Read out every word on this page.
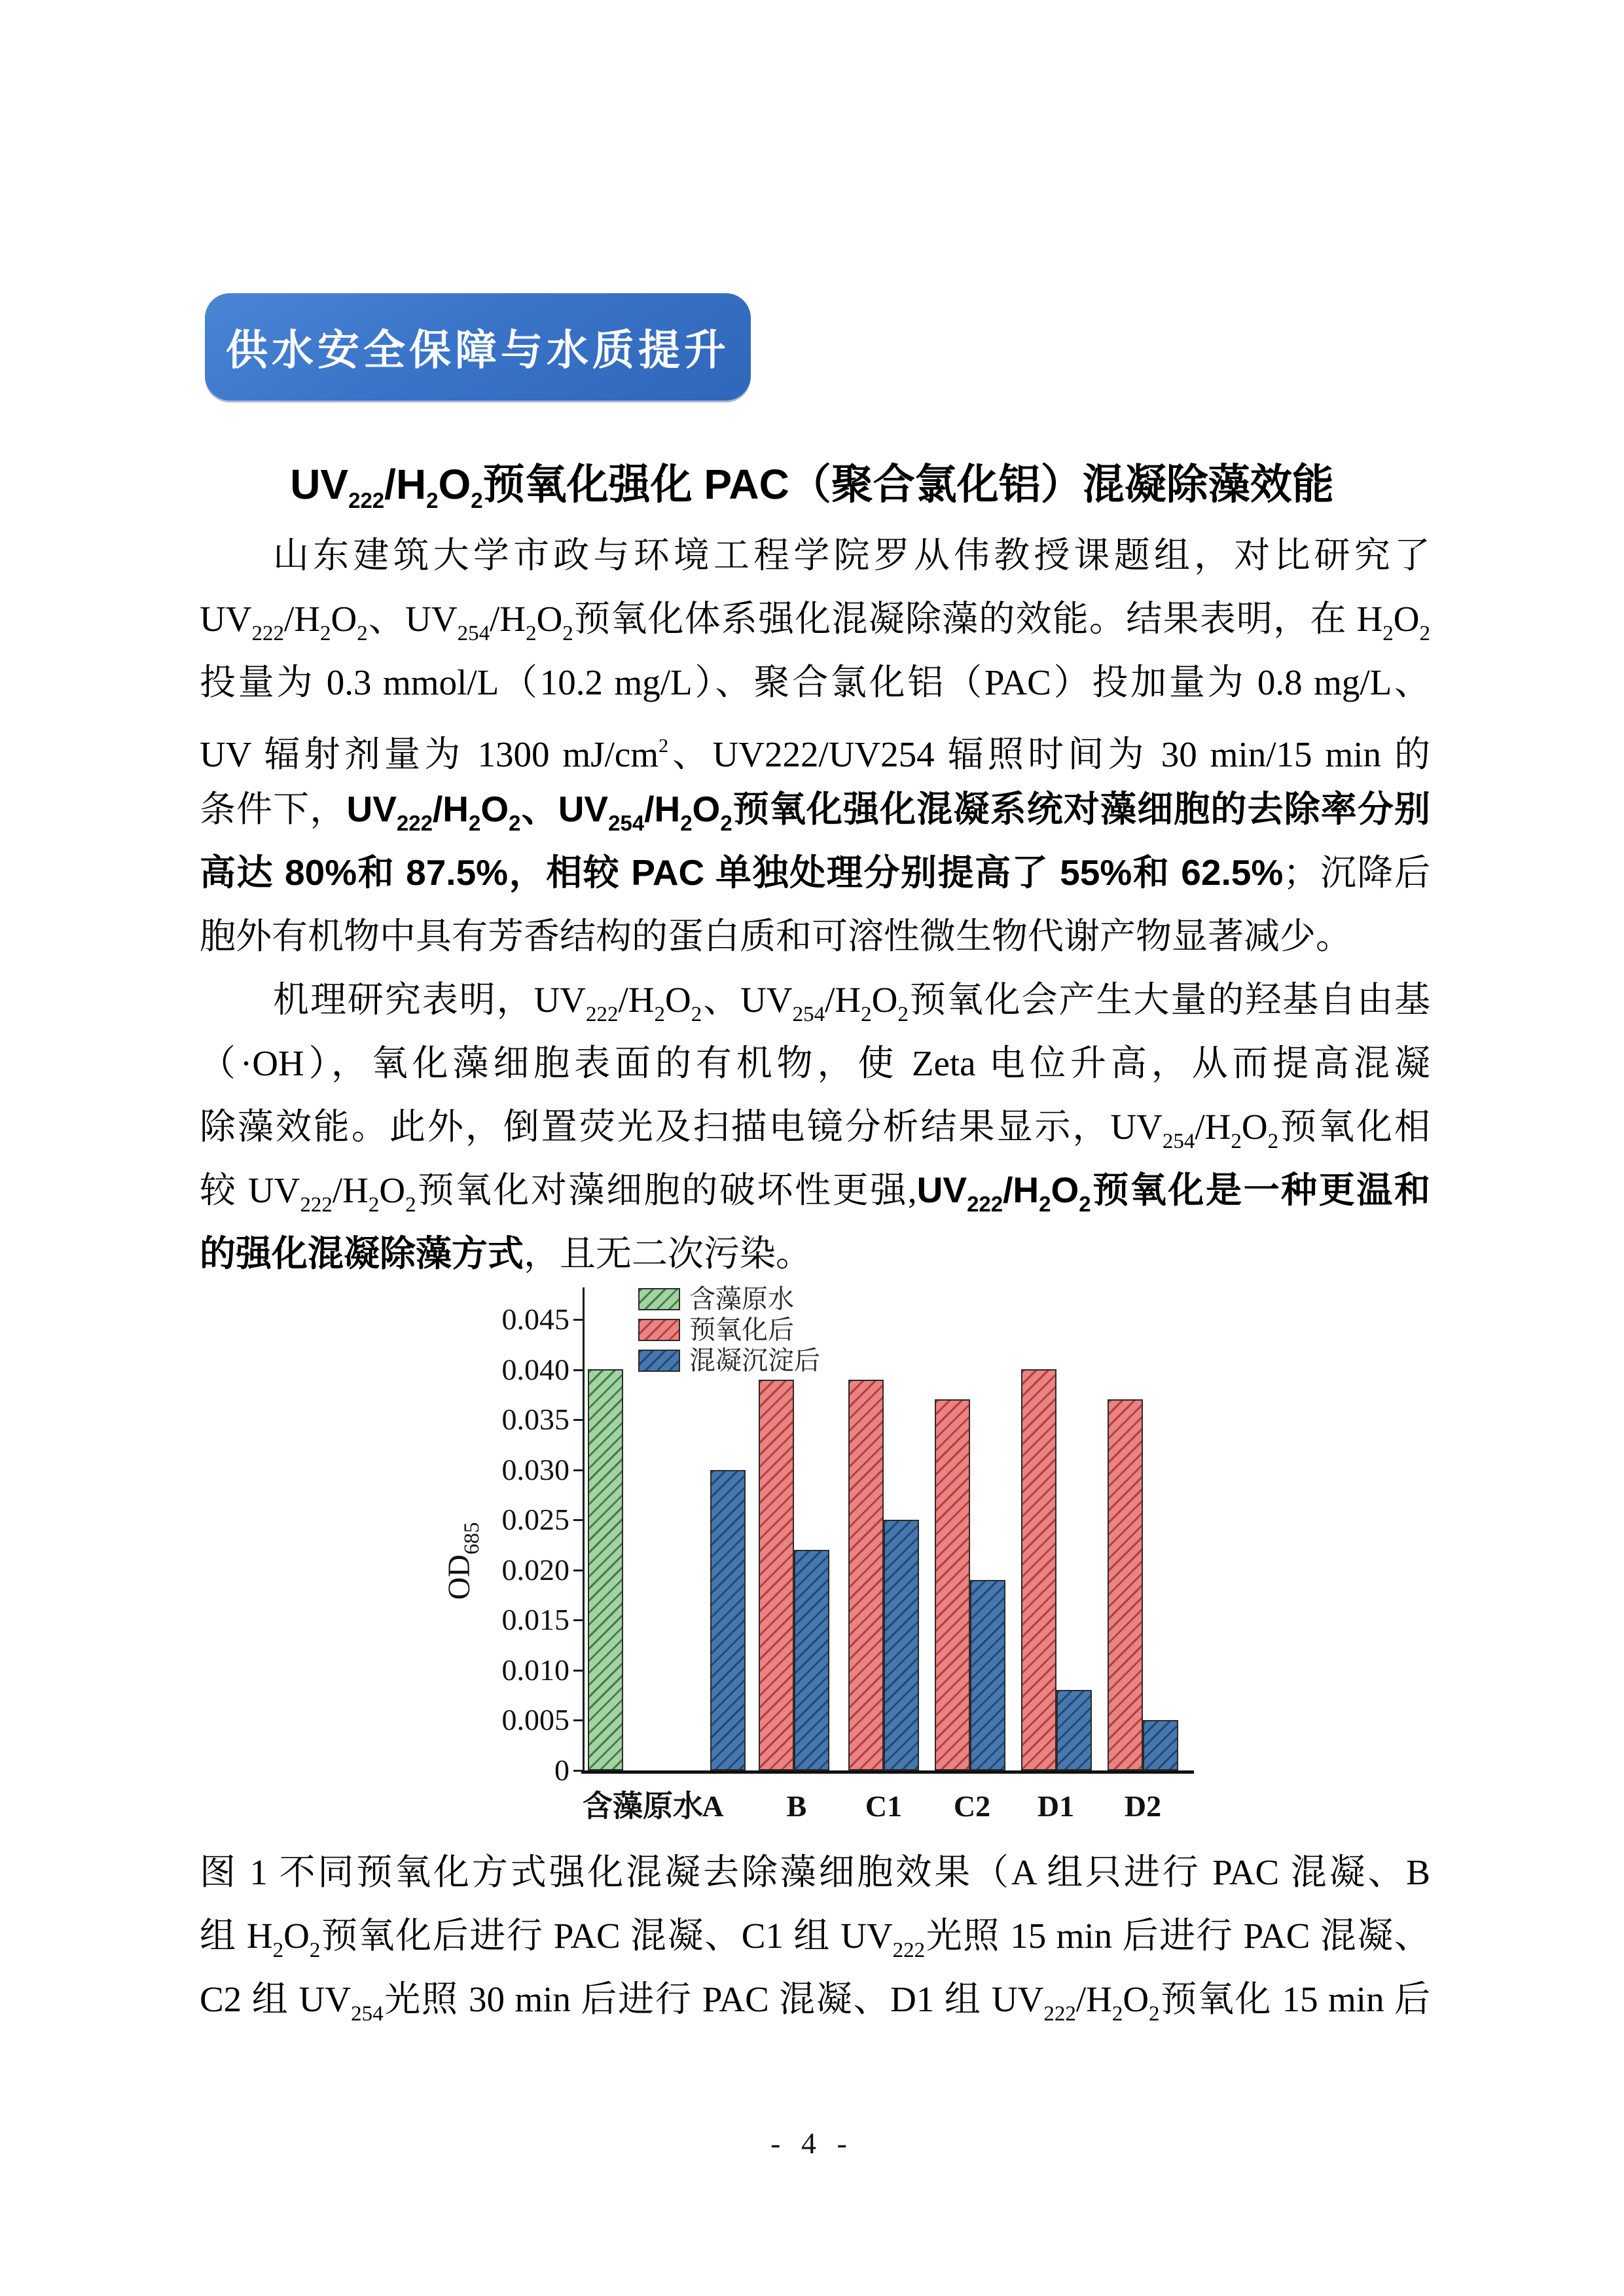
供水安全保障与水质提升
$UV_{222}/H_2O_2$预氧化强化 PAC（聚合氯化铝）混凝除藻效能
山东建筑大学市政与环境工程学院罗从伟教授课题组，对比研究了
$UV_{222}/H_2O_2$、$UV_{254}/H_2O_2$预氧化体系强化混凝除藻的效能。结果表明，在 $H_2O_2$
投量为 0.3 mmol/L（10.2 mg/L）、聚合氯化铝（PAC）投加量为 0.8 mg/L、
UV 辐射剂量为 1300 $mJ/cm^2$、UV222/UV254 辐照时间为 30 min/15 min 的
条件下，$UV_{222}/H_2O_2$、$UV_{254}/H_2O_2$预氧化强化混凝系统对藻细胞的去除率分别
高达 80%和 87.5%，相较 PAC 单独处理分别提高了 55%和 62.5%；沉降后
胞外有机物中具有芳香结构的蛋白质和可溶性微生物代谢产物显著减少。
机理研究表明，$UV_{222}/H_2O_2$、$UV_{254}/H_2O_2$预氧化会产生大量的羟基自由基
（·OH），氧化藻细胞表面的有机物，使 Zeta 电位升高，从而提高混凝
除藻效能。此外，倒置荧光及扫描电镜分析结果显示，$UV_{254}/H_2O_2$预氧化相
较 $UV_{222}/H_2O_2$预氧化对藻细胞的破坏性更强$,UV_{222}/H_2O_2$预氧化是一种更温和
的强化混凝除藻方式，且无二次污染。
$OD_{685}$
含藻原水
预氧化后
混凝沉淀后
0
0.005
0.010
0.015
0.020
0.025
0.030
0.035
0.040
0.045
含藻原水
A	B	C1	C2	D1	D2
图 1 不同预氧化方式强化混凝去除藻细胞效果（A 组只进行 PAC 混凝、B
组 $H_2O_2$预氧化后进行 PAC 混凝、C1 组 $UV_{222}$光照 15 min 后进行 PAC 混凝、
C2 组 $UV_{254}$光照 30 min 后进行 PAC 混凝、D1 组 $UV_{222}/H_2O_2$预氧化 15 min 后
- 4 -
